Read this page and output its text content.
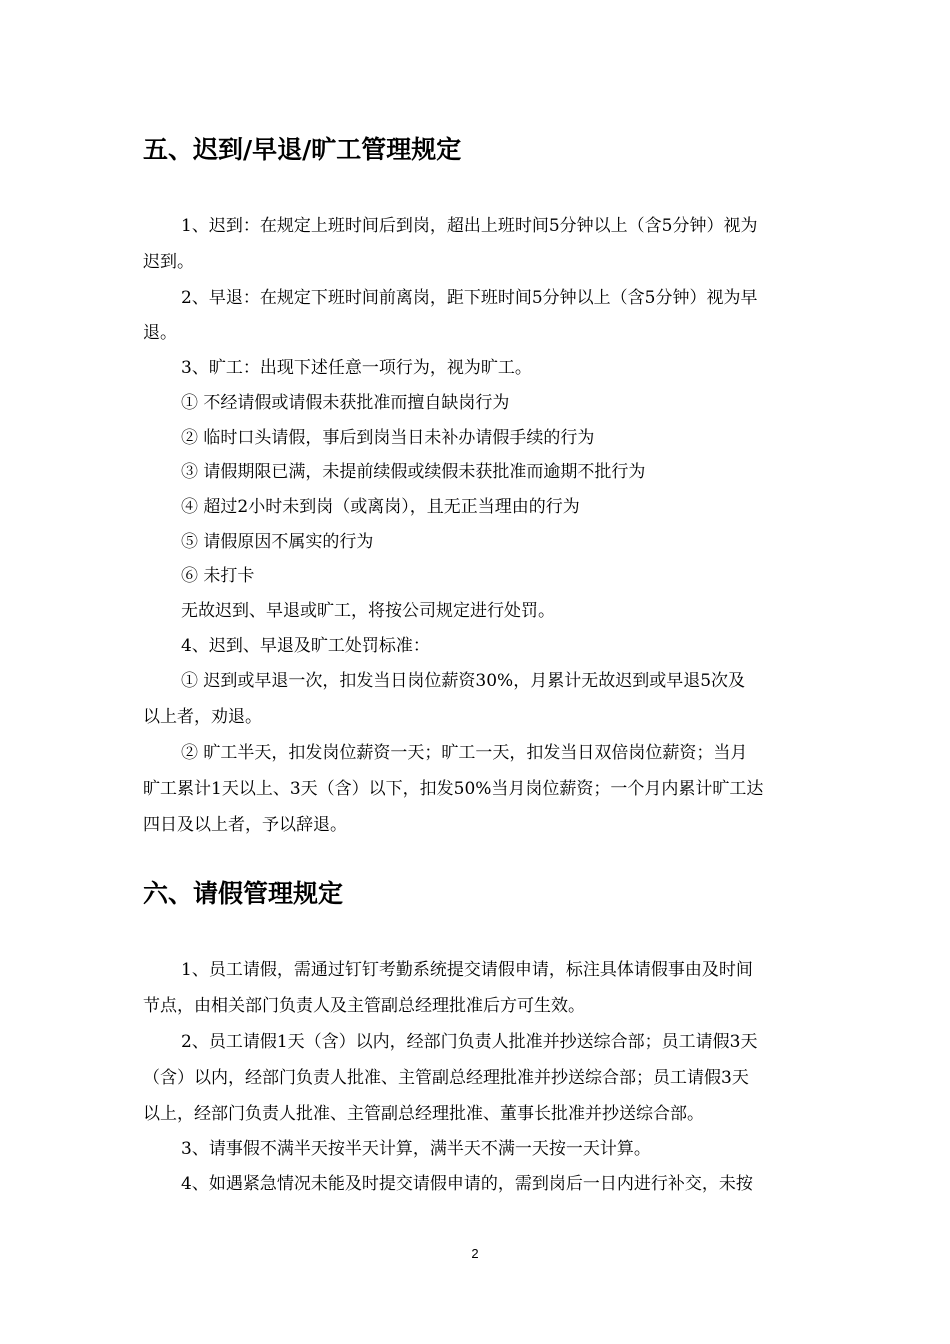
五、迟到/早退/旷工管理规定
1、迟到：在规定上班时间后到岗，超出上班时间5分钟以上（含5分钟）视为
迟到。
2、早退：在规定下班时间前离岗，距下班时间5分钟以上（含5分钟）视为早
退。
3、旷工：出现下述任意一项行为，视为旷工。
① 不经请假或请假未获批准而擅自缺岗行为
② 临时口头请假，事后到岗当日未补办请假手续的行为
③ 请假期限已满，未提前续假或续假未获批准而逾期不批行为
④ 超过2小时未到岗（或离岗），且无正当理由的行为
⑤ 请假原因不属实的行为
⑥ 未打卡
无故迟到、早退或旷工，将按公司规定进行处罚。
4、迟到、早退及旷工处罚标准：
① 迟到或早退一次，扣发当日岗位薪资30%，月累计无故迟到或早退5次及
以上者，劝退。
② 旷工半天，扣发岗位薪资一天；旷工一天，扣发当日双倍岗位薪资；当月
旷工累计1天以上、3天（含）以下，扣发50%当月岗位薪资；一个月内累计旷工达
四日及以上者，予以辞退。
六、请假管理规定
1、员工请假，需通过钉钉考勤系统提交请假申请，标注具体请假事由及时间
节点，由相关部门负责人及主管副总经理批准后方可生效。
2、员工请假1天（含）以内，经部门负责人批准并抄送综合部；员工请假3天
（含）以内，经部门负责人批准、主管副总经理批准并抄送综合部；员工请假3天
以上，经部门负责人批准、主管副总经理批准、董事长批准并抄送综合部。
3、请事假不满半天按半天计算，满半天不满一天按一天计算。
4、如遇紧急情况未能及时提交请假申请的，需到岗后一日内进行补交，未按
2
